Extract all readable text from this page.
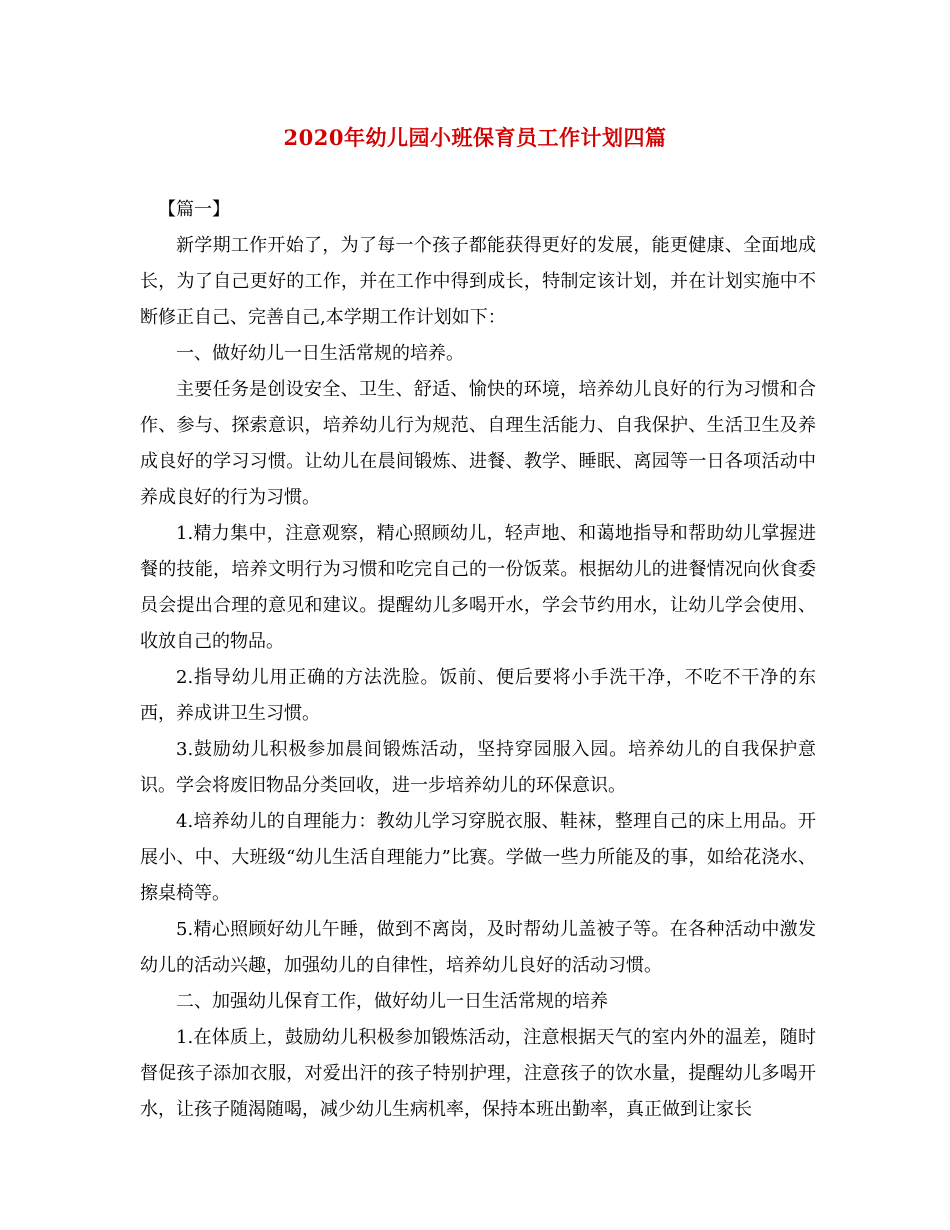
2020年幼儿园小班保育员工作计划四篇

【篇一】

新学期工作开始了，为了每一个孩子都能获得更好的发展，能更健康、全面地成长，为了自己更好的工作，并在工作中得到成长，特制定该计划，并在计划实施中不断修正自己、完善自己,本学期工作计划如下：

一、做好幼儿一日生活常规的培养。

主要任务是创设安全、卫生、舒适、愉快的环境，培养幼儿良好的行为习惯和合作、参与、探索意识，培养幼儿行为规范、自理生活能力、自我保护、生活卫生及养成良好的学习习惯。让幼儿在晨间锻炼、进餐、教学、睡眠、离园等一日各项活动中养成良好的行为习惯。

1.精力集中，注意观察，精心照顾幼儿，轻声地、和蔼地指导和帮助幼儿掌握进餐的技能，培养文明行为习惯和吃完自己的一份饭菜。根据幼儿的进餐情况向伙食委员会提出合理的意见和建议。提醒幼儿多喝开水，学会节约用水，让幼儿学会使用、收放自己的物品。

2.指导幼儿用正确的方法洗脸。饭前、便后要将小手洗干净，不吃不干净的东西，养成讲卫生习惯。

3.鼓励幼儿积极参加晨间锻炼活动，坚持穿园服入园。培养幼儿的自我保护意识。学会将废旧物品分类回收，进一步培养幼儿的环保意识。

4.培养幼儿的自理能力：教幼儿学习穿脱衣服、鞋袜，整理自己的床上用品。开展小、中、大班级“幼儿生活自理能力”比赛。学做一些力所能及的事，如给花浇水、擦桌椅等。

5.精心照顾好幼儿午睡，做到不离岗，及时帮幼儿盖被子等。在各种活动中激发幼儿的活动兴趣，加强幼儿的自律性，培养幼儿良好的活动习惯。

二、加强幼儿保育工作，做好幼儿一日生活常规的培养

1.在体质上，鼓励幼儿积极参加锻炼活动，注意根据天气的室内外的温差，随时督促孩子添加衣服，对爱出汗的孩子特别护理，注意孩子的饮水量，提醒幼儿多喝开水，让孩子随渴随喝，减少幼儿生病机率，保持本班出勤率，真正做到让家长
